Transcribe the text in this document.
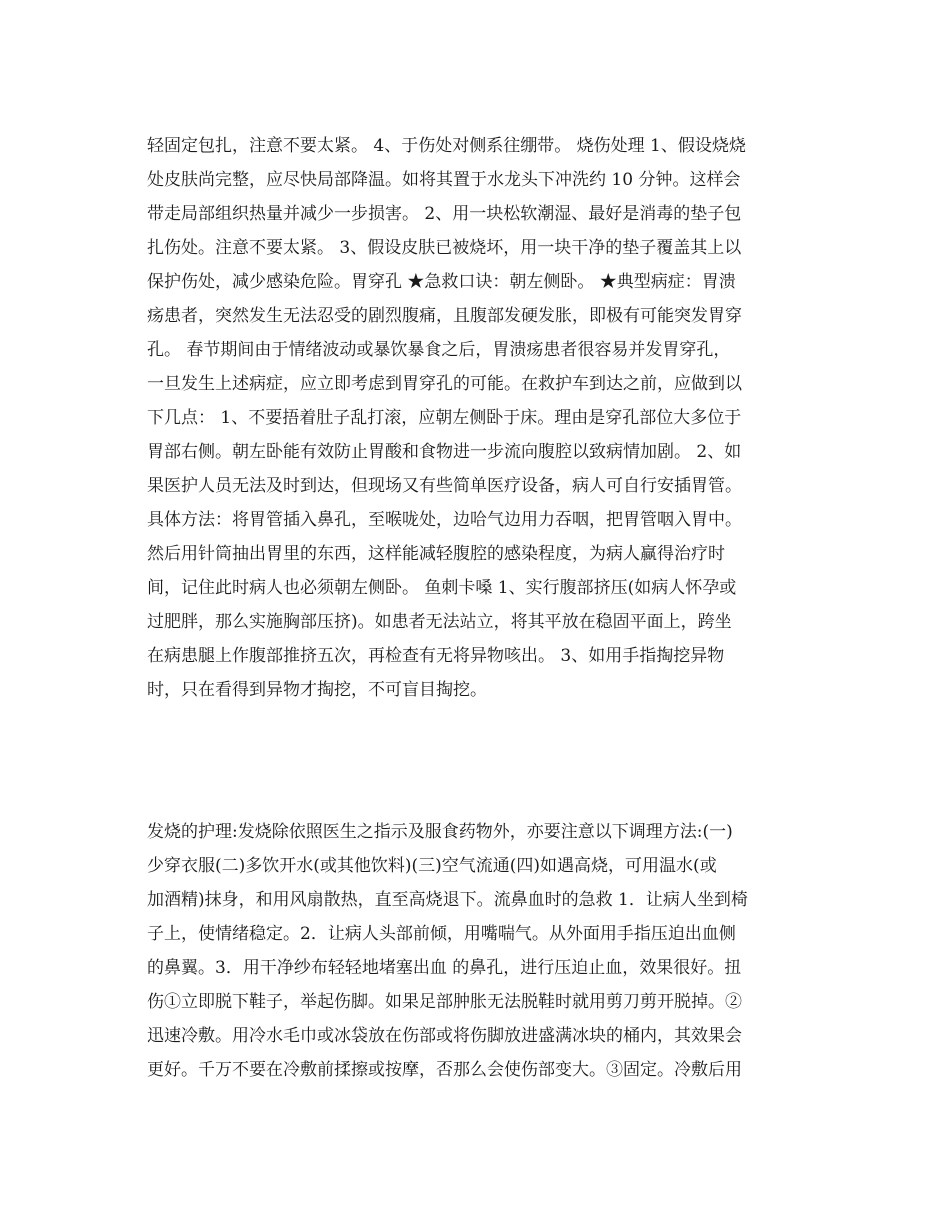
轻固定包扎，注意不要太紧。 4、于伤处对侧系往绷带。 烧伤处理 1、假设烧烧
处皮肤尚完整，应尽快局部降温。如将其置于水龙头下冲洗约 10 分钟。这样会
带走局部组织热量并减少一步损害。 2、用一块松软潮湿、最好是消毒的垫子包
扎伤处。注意不要太紧。 3、假设皮肤已被烧坏，用一块干净的垫子覆盖其上以
保护伤处，减少感染危险。胃穿孔 ★急救口诀：朝左侧卧。 ★典型病症：胃溃
疡患者，突然发生无法忍受的剧烈腹痛，且腹部发硬发胀，即极有可能突发胃穿
孔。 春节期间由于情绪波动或暴饮暴食之后，胃溃疡患者很容易并发胃穿孔，
一旦发生上述病症，应立即考虑到胃穿孔的可能。在救护车到达之前，应做到以
下几点： 1、不要捂着肚子乱打滚，应朝左侧卧于床。理由是穿孔部位大多位于
胃部右侧。朝左卧能有效防止胃酸和食物进一步流向腹腔以致病情加剧。 2、如
果医护人员无法及时到达，但现场又有些简单医疗设备，病人可自行安插胃管。
具体方法：将胃管插入鼻孔，至喉咙处，边哈气边用力吞咽，把胃管咽入胃中。
然后用针筒抽出胃里的东西，这样能减轻腹腔的感染程度，为病人赢得治疗时
间，记住此时病人也必须朝左侧卧。 鱼刺卡嗓 1、实行腹部挤压(如病人怀孕或
过肥胖，那么实施胸部压挤)。如患者无法站立，将其平放在稳固平面上，跨坐
在病患腿上作腹部推挤五次，再检查有无将异物咳出。 3、如用手指掏挖异物
时，只在看得到异物才掏挖，不可盲目掏挖。
发烧的护理:发烧除依照医生之指示及服食药物外，亦要注意以下调理方法:(一)
少穿衣服(二)多饮开水(或其他饮料)(三)空气流通(四)如遇高烧，可用温水(或
加酒精)抹身，和用风扇散热，直至高烧退下。流鼻血时的急救 1．让病人坐到椅
子上，使情绪稳定。2．让病人头部前倾，用嘴喘气。从外面用手指压迫出血侧
的鼻翼。3．用干净纱布轻轻地堵塞出血 的鼻孔，进行压迫止血，效果很好。扭
伤①立即脱下鞋子，举起伤脚。如果足部肿胀无法脱鞋时就用剪刀剪开脱掉。②
迅速冷敷。用冷水毛巾或冰袋放在伤部或将伤脚放进盛满冰块的桶内，其效果会
更好。千万不要在冷敷前揉擦或按摩，否那么会使伤部变大。③固定。冷敷后用
